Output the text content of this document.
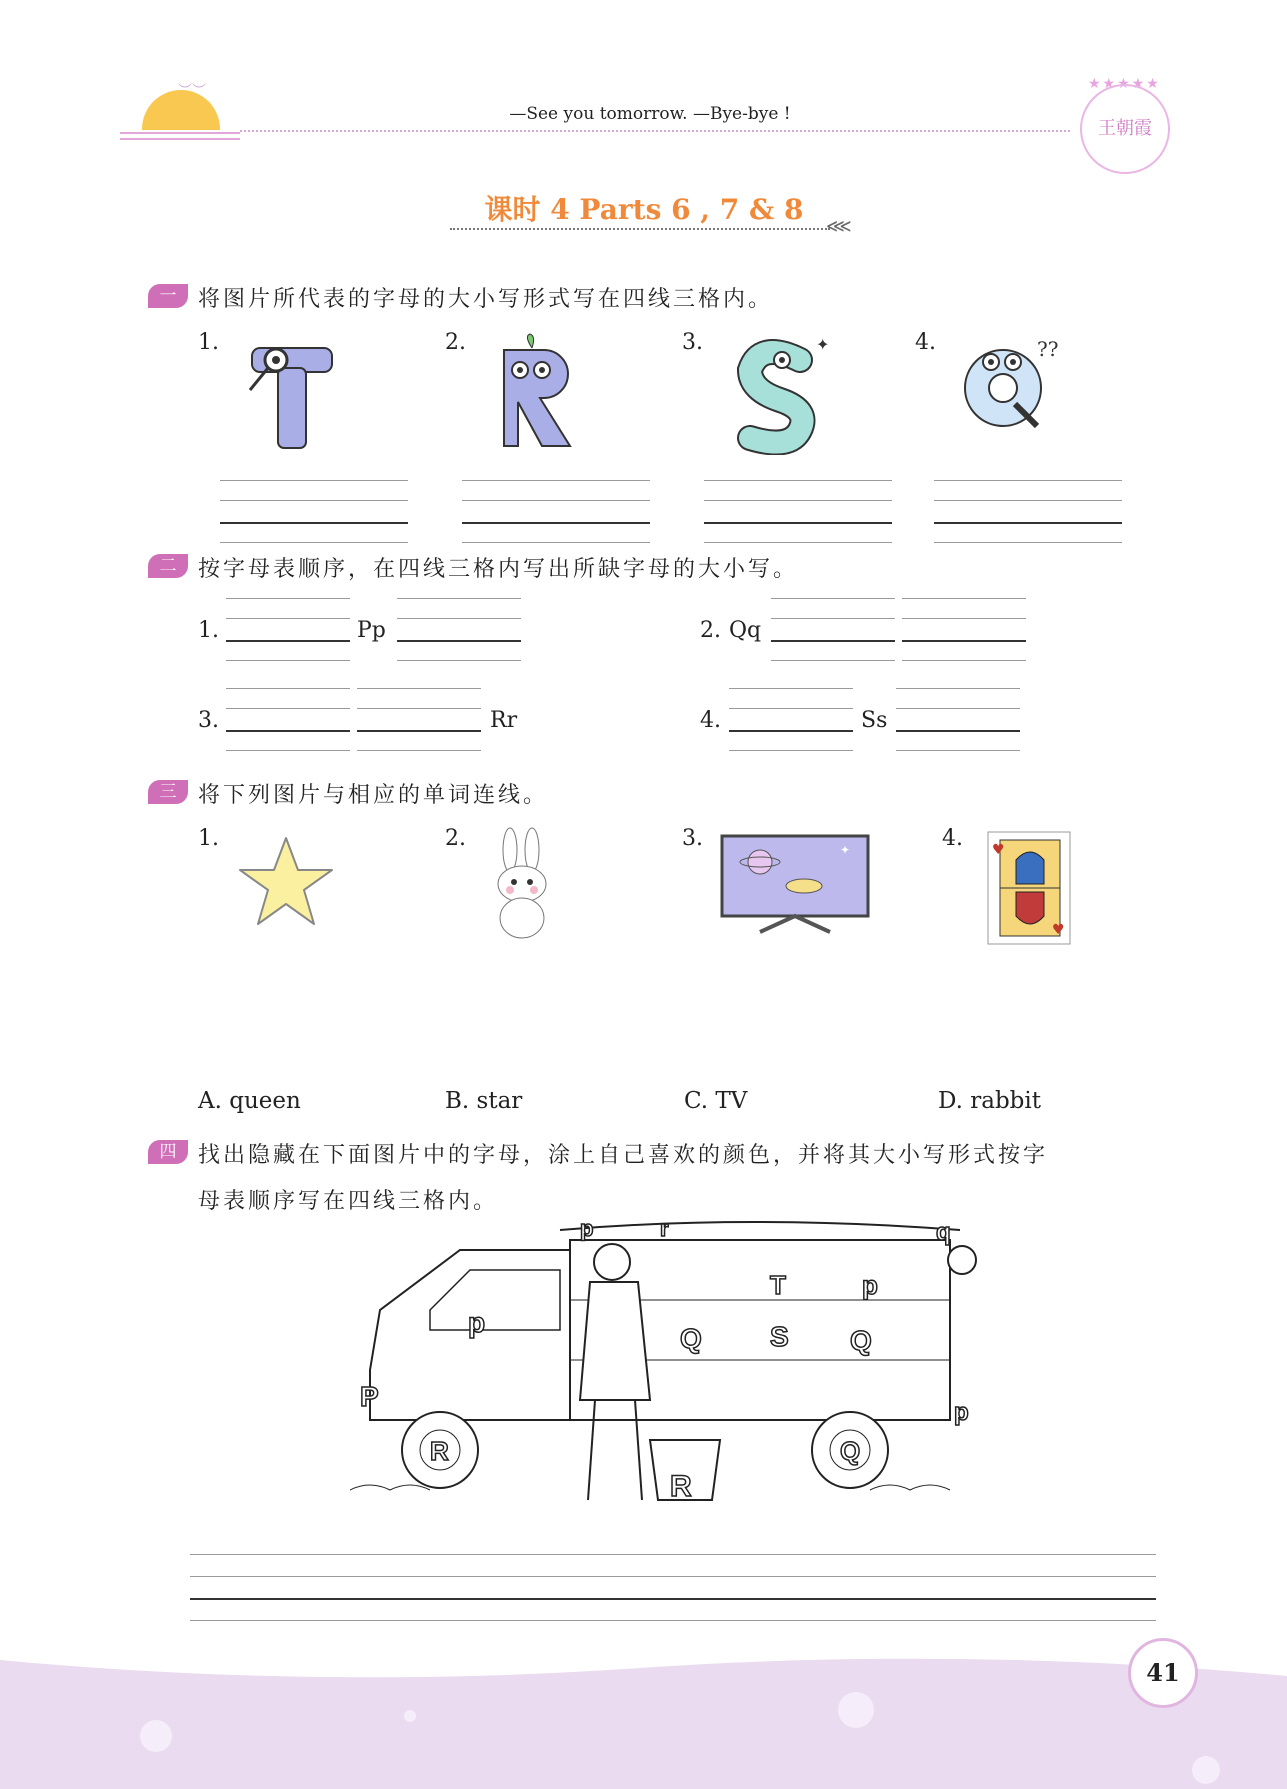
︶︶
—See you tomorrow. —Bye-bye !
★★★★★
王朝霞
课时 4 Parts 6 , 7 & 8
⋘
一 将图片所代表的字母的大小写形式写在四线三格内。
1.	2.	3.	4.
✦
S
??
二 按字母表顺序，在四线三格内写出所缺字母的大小写。
1.	Pp	2. Qq
3.	Rr	4.	Ss
三 将下列图片与相应的单词连线。
1.	2.	3.	4.
✦	♥
♥
A. queen	B. star	C. TV	D. rabbit
四 找出隐藏在下面图片中的字母，涂上自己喜欢的颜色，并将其大小写形式按字
母表顺序写在四线三格内。
p	r
T	p
q
p
P
Q S Q
R
R
Q
p
41
